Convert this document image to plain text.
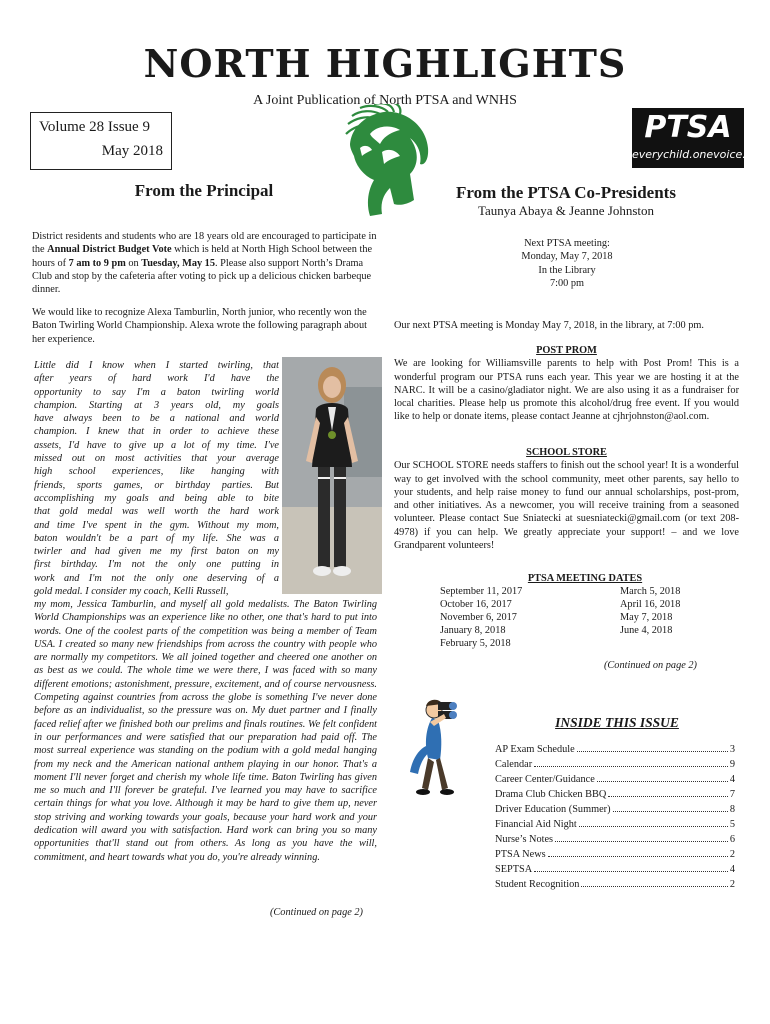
NORTH HIGHLIGHTS
A Joint Publication of North PTSA and WNHS
Volume 28 Issue 9
May 2018
PTSA
everychild.onevoice.
From the Principal
District residents and students who are 18 years old are encouraged to participate in the Annual District Budget Vote which is held at North High School between the hours of 7 am to 9 pm on Tuesday, May 15. Please also support North’s Drama Club and stop by the cafeteria after voting to pick up a delicious chicken barbeque dinner.
We would like to recognize Alexa Tamburlin, North junior, who recently won the Baton Twirling World Championship. Alexa wrote the following paragraph about her experience.
Little did I know when I started twirling, that
after years of hard work I'd have the
opportunity to say I'm a baton twirling world
champion. Starting at 3 years old, my goals
have always been to be a national and world
champion. I knew that in order to achieve these
assets, I'd have to give up a lot of my time. I've
missed out on most activities that your average
high school experiences, like hanging with
friends, sports games, or birthday parties. But
accomplishing my goals and being able to bite
that gold medal was well worth the hard work
and time I've spent in the gym. Without my mom,
baton wouldn't be a part of my life. She was a
twirler and had given me my first baton on my
first birthday. I'm not the only one putting in
work and I'm not the only one deserving of a
gold medal. I consider my coach, Kelli Russell,
my mom, Jessica Tamburlin, and myself all gold medalists. The Baton Twirling World Championships was an experience like no other, one that's hard to put into words. One of the coolest parts of the competition was being a member of Team USA. I created so many new friendships from across the country with people who are normally my competitors. We all joined together and cheered one another on as best as we could. The whole time we were there, I was faced with so many different emotions; astonishment, pressure, excitement, and of course nervousness. Competing against countries from across the globe is something I've never done before as an individualist, so the pressure was on. My duet partner and I finally faced relief after we finished both our prelims and finals routines. We felt confident in our performances and were satisfied that our preparation had paid off. The most surreal experience was standing on the podium with a gold medal hanging from my neck and the American national anthem playing in our honor. That's a moment I'll never forget and cherish my whole life time. Baton Twirling has given me so much and I'll forever be grateful. I've learned you may have to sacrifice certain things for what you love. Although it may be hard to give them up, never stop striving and working towards your goals, because your hard work and your dedication will award you with satisfaction. Hard work can bring you so many opportunities that'll stand out from others. As long as you have the will, commitment, and heart towards what you do, you're already winning.
(Continued on page 2)
From the PTSA Co-Presidents
Taunya Abaya & Jeanne Johnston
Next PTSA meeting:
Monday, May 7, 2018
In the Library
7:00 pm
Our next PTSA meeting is Monday May 7, 2018, in the library, at 7:00 pm.
POST PROM
We are looking for Williamsville parents to help with Post Prom! This is a wonderful program our PTSA runs each year. This year we are hosting it at the NARC. It will be a casino/gladiator night. We are also using it as a fundraiser for local charities. Please help us promote this alcohol/drug free event. If you would like to help or donate items, please contact Jeanne at cjhrjohnston@aol.com.
SCHOOL STORE
Our SCHOOL STORE needs staffers to finish out the school year! It is a wonderful way to get involved with the school community, meet other parents, say hello to your students, and help raise money to fund our annual scholarships, post-prom, and other initiatives. As a newcomer, you will receive training from a seasoned volunteer. Please contact Sue Sniatecki at suesniatecki@gmail.com (or text 208-4978) if you can help. We greatly appreciate your support! – and we love Grandparent volunteers!
PTSA MEETING DATES
September 11, 2017	March 5, 2018
October 16, 2017	April 16, 2018
November 6, 2017	May 7, 2018
January 8, 2018	June 4, 2018
February 5, 2018	
(Continued on page 2)
INSIDE THIS ISSUE
AP Exam Schedule	3
Calendar	9
Career Center/Guidance	4
Drama Club Chicken BBQ	7
Driver Education (Summer)	8
Financial Aid Night	5
Nurse’s Notes	6
PTSA News	2
SEPTSA	4
Student Recognition	2
